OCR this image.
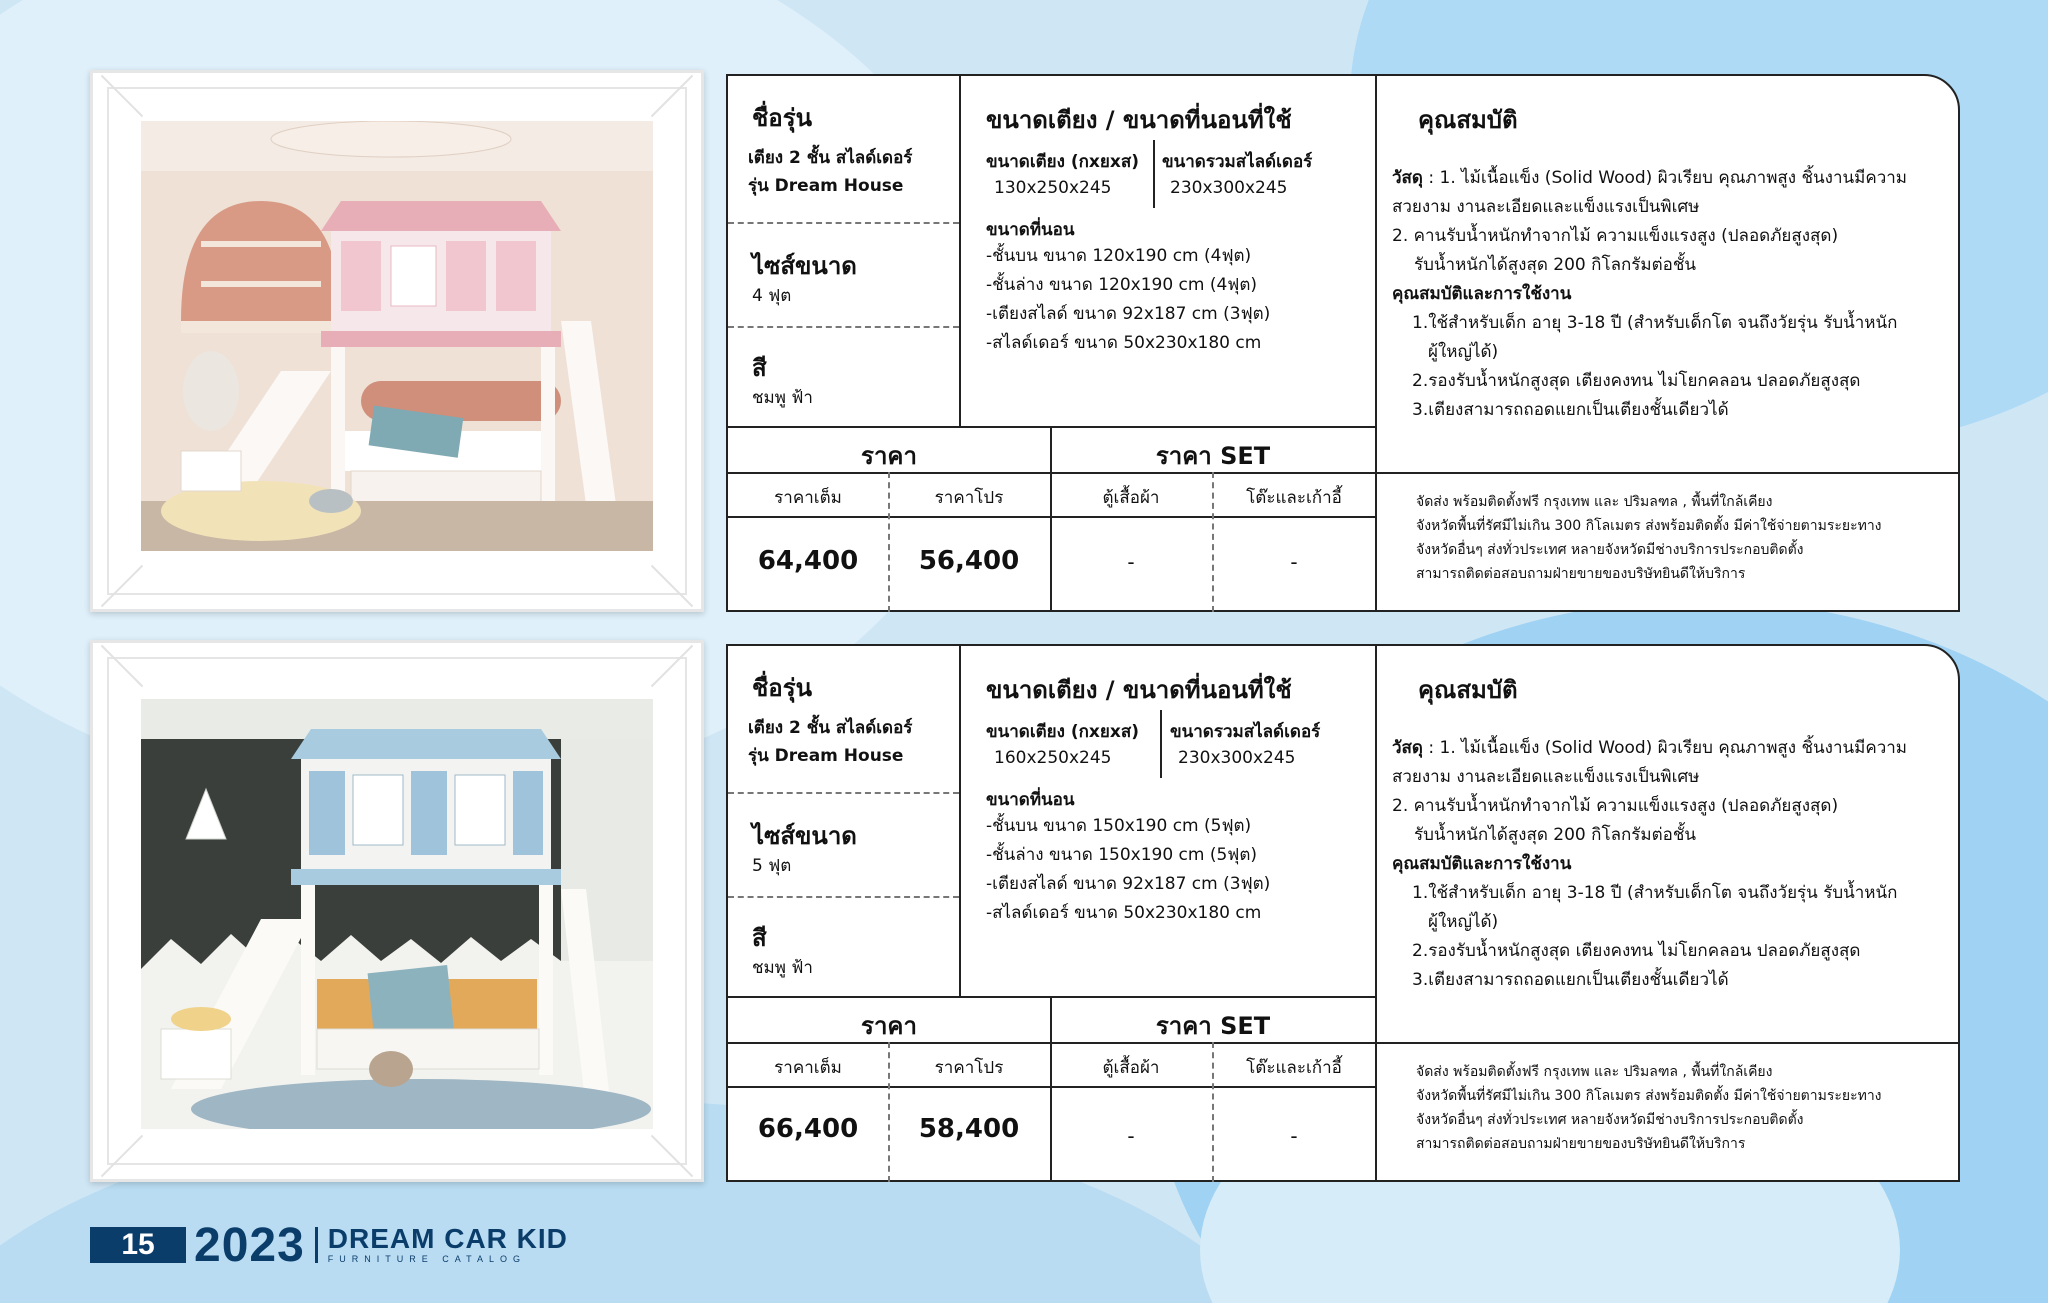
ชื่อรุ่น
เตียง 2 ชั้น สไลด์เดอร์
รุ่น Dream House
ไซส์ขนาด
4 ฟุต
สี
ชมพู ฟ้า
ขนาดเตียง / ขนาดที่นอนที่ใช้
ขนาดเตียง (กxยxส)
130x250x245
ขนาดรวมสไลด์เดอร์
230x300x245
ขนาดที่นอน
-ชั้นบน ขนาด 120x190 cm (4ฟุต)
-ชั้นล่าง ขนาด 120x190 cm (4ฟุต)
-เตียงสไลด์ ขนาด 92x187 cm (3ฟุต)
-สไลด์เดอร์ ขนาด 50x230x180 cm
คุณสมบัติ
วัสดุ : 1. ไม้เนื้อแข็ง (Solid Wood) ผิวเรียบ คุณภาพสูง ชิ้นงานมีความ
สวยงาม งานละเอียดและแข็งแรงเป็นพิเศษ
2. คานรับน้ำหนักทำจากไม้ ความแข็งแรงสูง (ปลอดภัยสูงสุด)
รับน้ำหนักได้สูงสุด 200 กิโลกรัมต่อชั้น
คุณสมบัติและการใช้งาน
1.ใช้สำหรับเด็ก อายุ 3-18 ปี (สำหรับเด็กโต จนถึงวัยรุ่น รับน้ำหนัก
ผู้ใหญ่ได้)
2.รองรับน้ำหนักสูงสุด เตียงคงทน ไม่โยกคลอน ปลอดภัยสูงสุด
3.เตียงสามารถถอดแยกเป็นเตียงชั้นเดียวได้
ราคา	ราคา SET
ราคาเต็ม	ราคาโปร	ตู้เสื้อผ้า	โต๊ะและเก้าอี้
64,400	56,400	-	-
จัดส่ง พร้อมติดตั้งฟรี กรุงเทพ และ ปริมลฑล , พื้นที่ใกล้เคียง
จังหวัดพื้นที่รัศมีไม่เกิน 300 กิโลเมตร ส่งพร้อมติดตั้ง มีค่าใช้จ่ายตามระยะทาง
จังหวัดอื่นๆ ส่งทั่วประเทศ หลายจังหวัดมีช่างบริการประกอบติดตั้ง
สามารถติดต่อสอบถามฝ่ายขายของบริษัทยินดีให้บริการ
ชื่อรุ่น
เตียง 2 ชั้น สไลด์เดอร์
รุ่น Dream House
ไซส์ขนาด
5 ฟุต
สี
ชมพู ฟ้า
ขนาดเตียง / ขนาดที่นอนที่ใช้
ขนาดเตียง (กxยxส)
160x250x245
ขนาดรวมสไลด์เดอร์
230x300x245
ขนาดที่นอน
-ชั้นบน ขนาด 150x190 cm (5ฟุต)
-ชั้นล่าง ขนาด 150x190 cm (5ฟุต)
-เตียงสไลด์ ขนาด 92x187 cm (3ฟุต)
-สไลด์เดอร์ ขนาด 50x230x180 cm
คุณสมบัติ
วัสดุ : 1. ไม้เนื้อแข็ง (Solid Wood) ผิวเรียบ คุณภาพสูง ชิ้นงานมีความ
สวยงาม งานละเอียดและแข็งแรงเป็นพิเศษ
2. คานรับน้ำหนักทำจากไม้ ความแข็งแรงสูง (ปลอดภัยสูงสุด)
รับน้ำหนักได้สูงสุด 200 กิโลกรัมต่อชั้น
คุณสมบัติและการใช้งาน
1.ใช้สำหรับเด็ก อายุ 3-18 ปี (สำหรับเด็กโต จนถึงวัยรุ่น รับน้ำหนัก
ผู้ใหญ่ได้)
2.รองรับน้ำหนักสูงสุด เตียงคงทน ไม่โยกคลอน ปลอดภัยสูงสุด
3.เตียงสามารถถอดแยกเป็นเตียงชั้นเดียวได้
ราคา	ราคา SET
ราคาเต็ม	ราคาโปร	ตู้เสื้อผ้า	โต๊ะและเก้าอี้
66,400	58,400	-	-
จัดส่ง พร้อมติดตั้งฟรี กรุงเทพ และ ปริมลฑล , พื้นที่ใกล้เคียง
จังหวัดพื้นที่รัศมีไม่เกิน 300 กิโลเมตร ส่งพร้อมติดตั้ง มีค่าใช้จ่ายตามระยะทาง
จังหวัดอื่นๆ ส่งทั่วประเทศ หลายจังหวัดมีช่างบริการประกอบติดตั้ง
สามารถติดต่อสอบถามฝ่ายขายของบริษัทยินดีให้บริการ
15 2023 DREAM CAR KID
FURNITURE CATALOG
